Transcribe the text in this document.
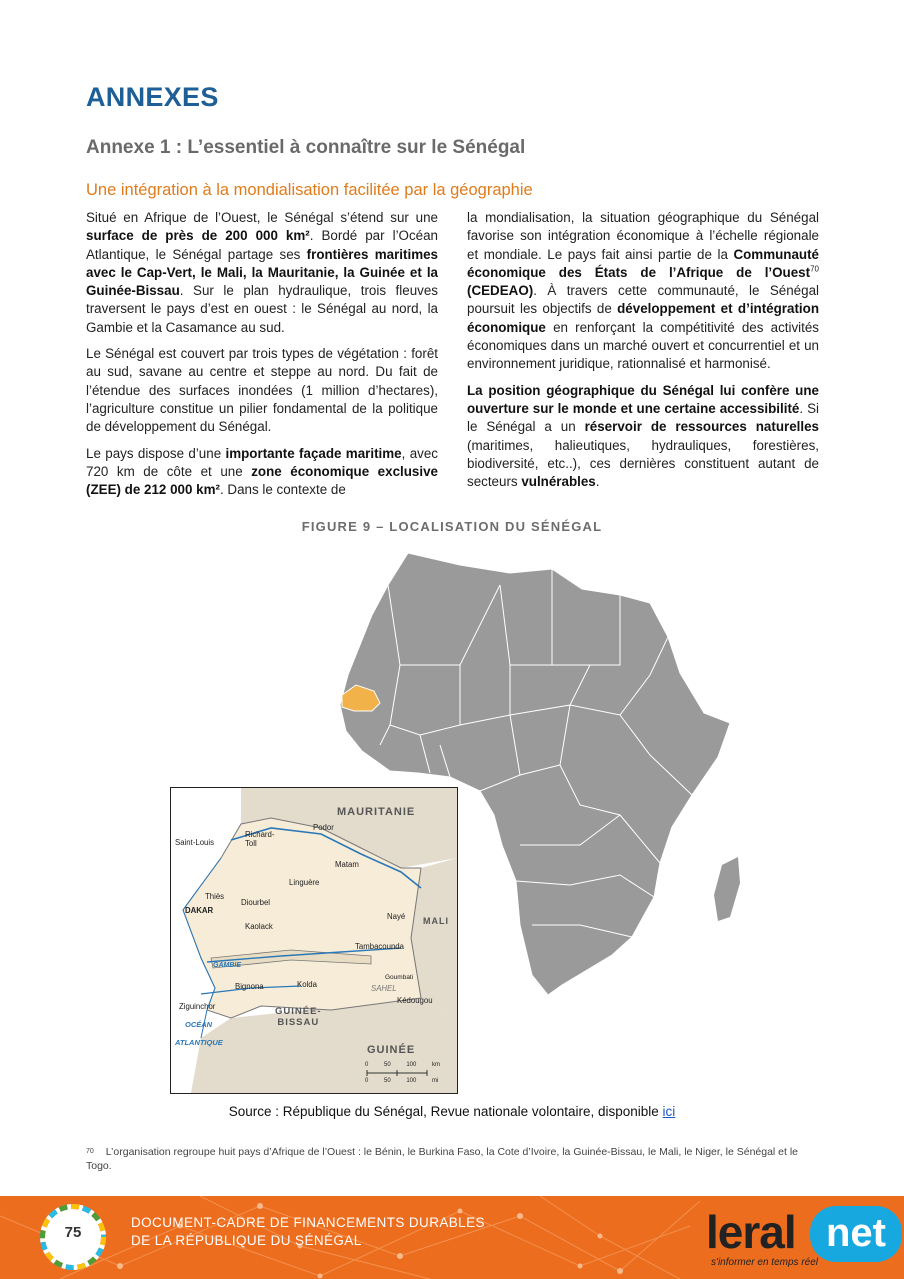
ANNEXES
Annexe 1 : L’essentiel à connaître sur le Sénégal
Une intégration à la mondialisation facilitée par la géographie

Situé en Afrique de l’Ouest, le Sénégal s’étend sur une surface de près de 200 000 km². Bordé par l’Océan Atlantique, le Sénégal partage ses frontières maritimes avec le Cap-Vert, le Mali, la Mauritanie, la Guinée et la Guinée-Bissau. Sur le plan hydraulique, trois fleuves traversent le pays d’est en ouest : le Sénégal au nord, la Gambie et la Casamance au sud.

Le Sénégal est couvert par trois types de végétation : forêt au sud, savane au centre et steppe au nord. Du fait de l’étendue des surfaces inondées (1 million d’hectares), l’agriculture constitue un pilier fondamental de la politique de développement du Sénégal.

Le pays dispose d’une importante façade maritime, avec 720 km de côte et une zone économique exclusive (ZEE) de 212 000 km². Dans le contexte de

la mondialisation, la situation géographique du Sénégal favorise son intégration économique à l’échelle régionale et mondiale. Le pays fait ainsi partie de la Communauté économique des États de l’Afrique de l’Ouest$^{70}$ (CEDEAO). À travers cette communauté, le Sénégal poursuit les objectifs de développement et d’intégration économique en renforçant la compétitivité des activités économiques dans un marché ouvert et concurrentiel et un environnement juridique, rationnalisé et harmonisé.

La position géographique du Sénégal lui confère une ouverture sur le monde et une certaine accessibilité. Si le Sénégal a un réservoir de ressources naturelles (maritimes, halieutiques, hydrauliques, forestières, biodiversité, etc..), ces dernières constituent autant de secteurs vulnérables.

FIGURE 9 – LOCALISATION DU SÉNÉGAL
MAURITANIE
Podor
Richard-
Toll
Saint-Louis
Matam
Linguère
Thiès
Diourbel
DAKAR
Kaolack
MALI
Nayé
Tambacounda
GAMBIE
Bignona	Kolda
Goumbati
SAHEL
Kédougou
Ziguinchor	GUINÉE-
BISSAU
OCÉAN
ATLANTIQUE
GUINÉE
0 50 100 km
0 50 100 mi
Source : République du Sénégal, Revue nationale volontaire, disponible ici
$^{70}$ L’organisation regroupe huit pays d’Afrique de l’Ouest : le Bénin, le Burkina Faso, la Cote d’Ivoire, la Guinée-Bissau, le Mali, le Niger, le Sénégal et le Togo.
75
DOCUMENT-CADRE DE FINANCEMENTS DURABLES
DE LA RÉPUBLIQUE DU SÉNÉGAL	leral net
s'informer en temps réel
